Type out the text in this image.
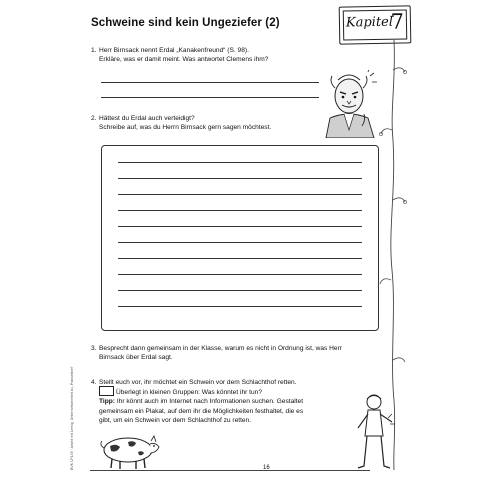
Schweine sind kein Ungeziefer (2)	Kapitel
7
BVK LP149 · Arbeit mit Lernig, Unterrichtseinheit zu „Prasselbrei“
1. Herr Birnsack nennt Erdal „Kanakenfreund“ (S. 98).
Erkläre, was er damit meint. Was antwortet Clemens ihm?
2. Hättest du Erdal auch verteidigt?
Schreibe auf, was du Herrn Birnsack gern sagen möchtest.
3. Besprecht dann gemeinsam in der Klasse, warum es nicht in Ordnung ist, was Herr
Birnsack über Erdal sagt.
4. Stellt euch vor, ihr möchtet ein Schwein vor dem Schlachthof retten.
Überlegt in kleinen Gruppen: Was könntet ihr tun?
Tipp: Ihr könnt auch im Internet nach Informationen suchen. Gestaltet
gemeinsam ein Plakat, auf dem ihr die Möglichkeiten festhaltet, die es
gibt, um ein Schwein vor dem Schlachthof zu retten.
16
